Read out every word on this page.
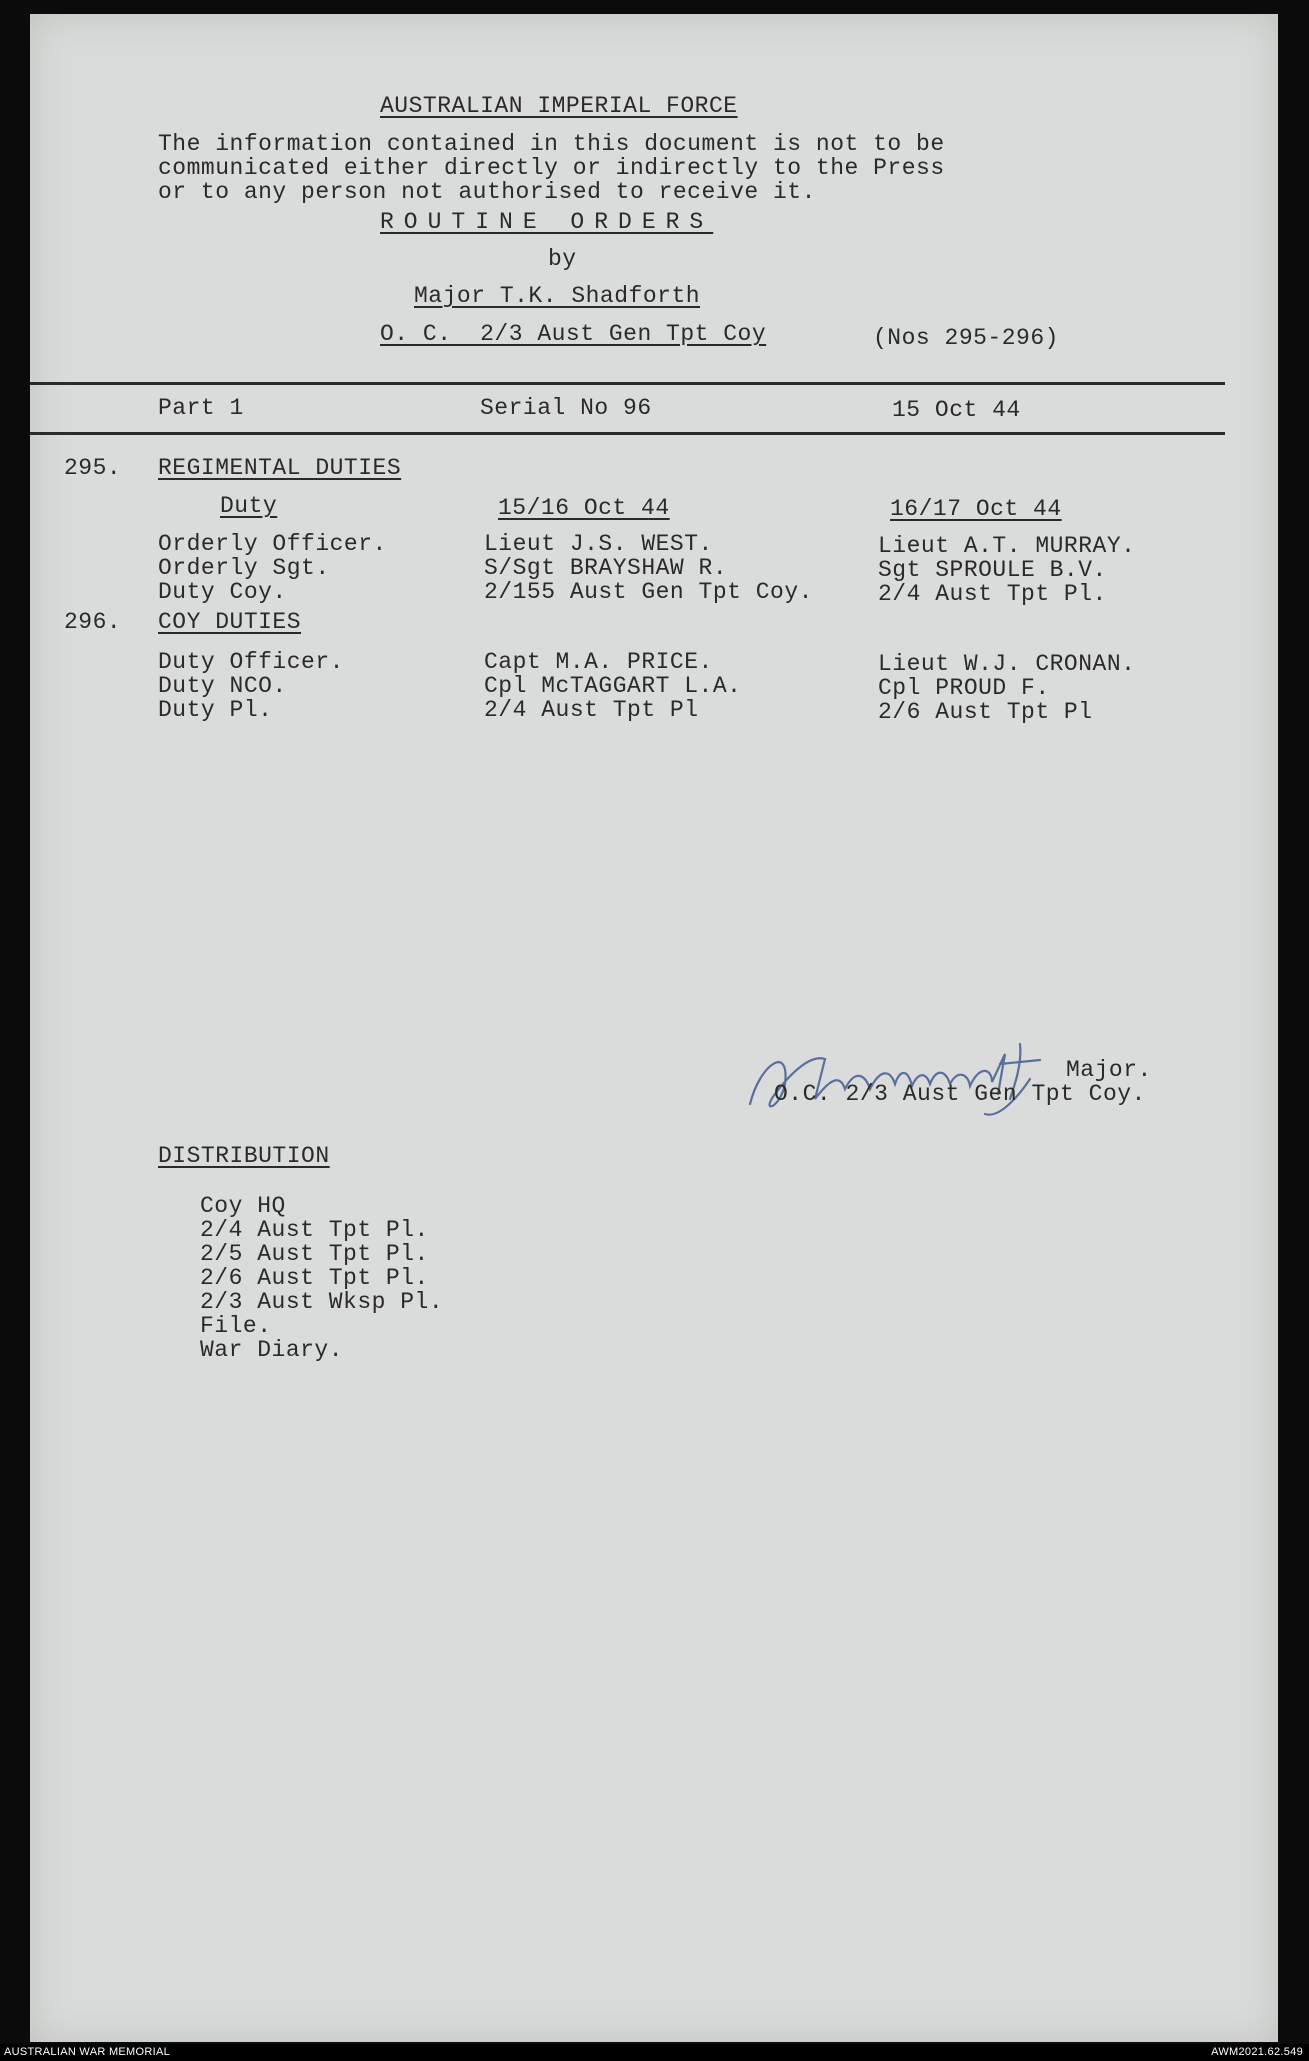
AUSTRALIAN IMPERIAL FORCE
The information contained in this document is not to be
communicated either directly or indirectly to the Press
or to any person not authorised to receive it.
ROUTINE ORDERS
by
Major T.K. Shadforth
O. C.  2/3 Aust Gen Tpt Coy	(Nos 295-296)
Part 1	Serial No 96	15 Oct 44
295. REGIMENTAL DUTIES
Duty	15/16 Oct 44	16/17 Oct 44
Orderly Officer.	Lieut J.S. WEST.	Lieut A.T. MURRAY.
Orderly Sgt.	S/Sgt BRAYSHAW R.	Sgt SPROULE B.V.
Duty Coy.	2/155 Aust Gen Tpt Coy.	2/4 Aust Tpt Pl.
296. COY DUTIES
Duty Officer.	Capt M.A. PRICE.	Lieut W.J. CRONAN.
Duty NCO.	Cpl McTAGGART L.A.	Cpl PROUD F.
Duty Pl.	2/4 Aust Tpt Pl	2/6 Aust Tpt Pl
Major.
O.C. 2/3 Aust Gen Tpt Coy.
DISTRIBUTION
Coy HQ
2/4 Aust Tpt Pl.
2/5 Aust Tpt Pl.
2/6 Aust Tpt Pl.
2/3 Aust Wksp Pl.
File.
War Diary.
AUSTRALIAN WAR MEMORIAL	AWM2021.62.549
